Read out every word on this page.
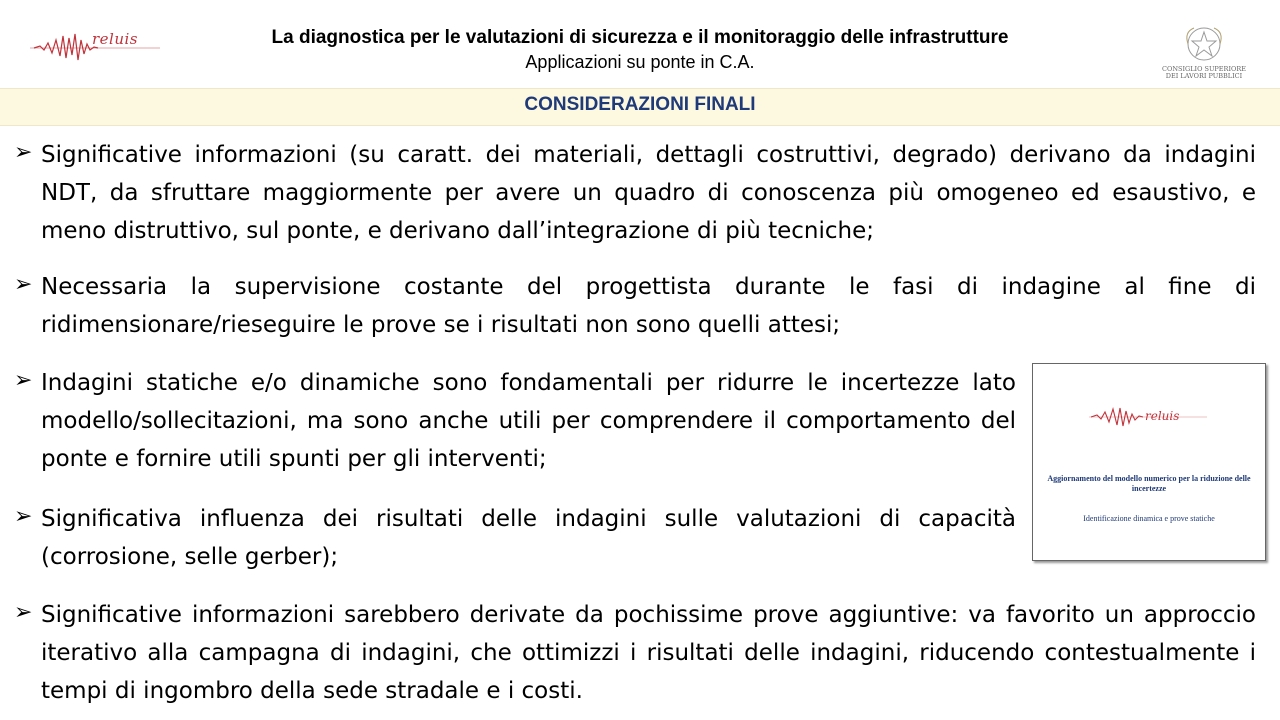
reluis	La diagnostica per le valutazioni di sicurezza e il monitoraggio delle infrastrutture
Applicazioni su ponte in C.A.	CONSIGLIO SUPERIORE DEI LAVORI PUBBLICI
CONSIDERAZIONI FINALI
➢ Significative informazioni (su caratt. dei materiali, dettagli costruttivi, degrado) derivano da indagini NDT, da sfruttare maggiormente per avere un quadro di conoscenza più omogeneo ed esaustivo, e meno distruttivo, sul ponte, e derivano dall’integrazione di più tecniche;
➢ Necessaria la supervisione costante del progettista durante le fasi di indagine al fine di ridimensionare/rieseguire le prove se i risultati non sono quelli attesi;
➢ Indagini statiche e/o dinamiche sono fondamentali per ridurre le incertezze lato modello/sollecitazioni, ma sono anche utili per comprendere il comportamento del ponte e fornire utili spunti per gli interventi;
➢ Significativa influenza dei risultati delle indagini sulle valutazioni di capacità (corrosione, selle gerber);
➢ Significative informazioni sarebbero derivate da pochissime prove aggiuntive: va favorito un approccio iterativo alla campagna di indagini, che ottimizzi i risultati delle indagini, riducendo contestualmente i tempi di ingombro della sede stradale e i costi.
reluis
Aggiornamento del modello numerico per la riduzione delle incertezze
Identificazione dinamica e prove statiche
